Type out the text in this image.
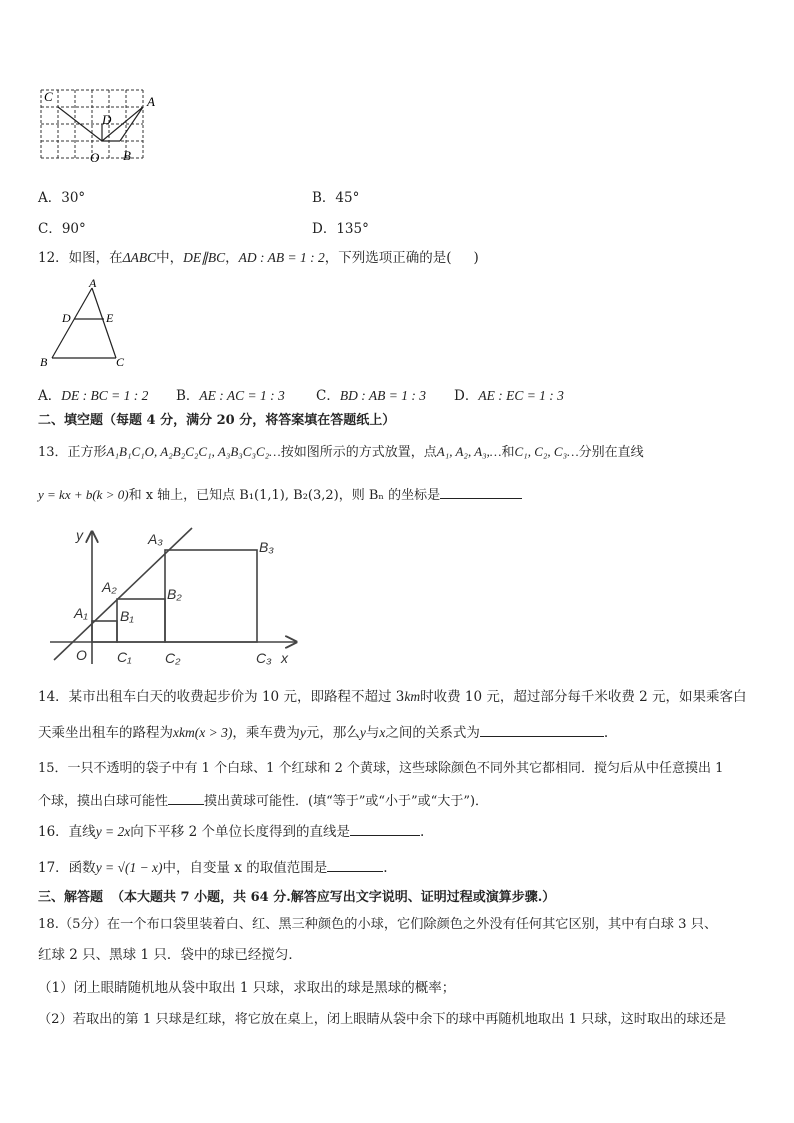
C	A
D
O B
A．30°	B．45°
C．90°	D．135°
12．如图，在ΔABC中，DE∥BC，AD : AB = 1 : 2，下列选项正确的是( )
A
D	E
B	C
A．DE : BC = 1 : 2 B．AE : AC = 1 : 3 C．BD : AB = 1 : 3 D．AE : EC = 1 : 3
二、填空题（每题 4 分，满分 20 分，将答案填在答题纸上）
13．正方形A₁B₁C₁O, A₂B₂C₂C₁, A₃B₃C₃C₂…按如图所示的方式放置，点A₁, A₂, A₃,…和C₁, C₂, C₃…分别在直线
y = kx + b(k > 0)和 x 轴上，已知点 B₁(1,1), B₂(3,2)，则 Bₙ 的坐标是
y
x
O
A₁
A₂
A₃
B₁
B₂
B₃
C₁ C₂	C₃
14．某市出租车白天的收费起步价为 10 元，即路程不超过 3km时收费 10 元，超过部分每千米收费 2 元，如果乘客白
天乘坐出租车的路程为xkm(x > 3)，乘车费为y元，那么y与x之间的关系式为	.
15．一只不透明的袋子中有 1 个白球、1 个红球和 2 个黄球，这些球除颜色不同外其它都相同．搅匀后从中任意摸出 1
个球，摸出白球可能性	摸出黄球可能性．(填“等于”或“小于”或“大于”)．
16．直线y = 2x向下平移 2 个单位长度得到的直线是	.
17．函数y = √(1 − x)中，自变量 x 的取值范围是	.
三、解答题 （本大题共 7 小题，共 64 分.解答应写出文字说明、证明过程或演算步骤.）
18.（5分）在一个布口袋里装着白、红、黑三种颜色的小球，它们除颜色之外没有任何其它区别，其中有白球 3 只、
红球 2 只、黑球 1 只．袋中的球已经搅匀．
（1）闭上眼睛随机地从袋中取出 1 只球，求取出的球是黑球的概率；
（2）若取出的第 1 只球是红球，将它放在桌上，闭上眼睛从袋中余下的球中再随机地取出 1 只球，这时取出的球还是
